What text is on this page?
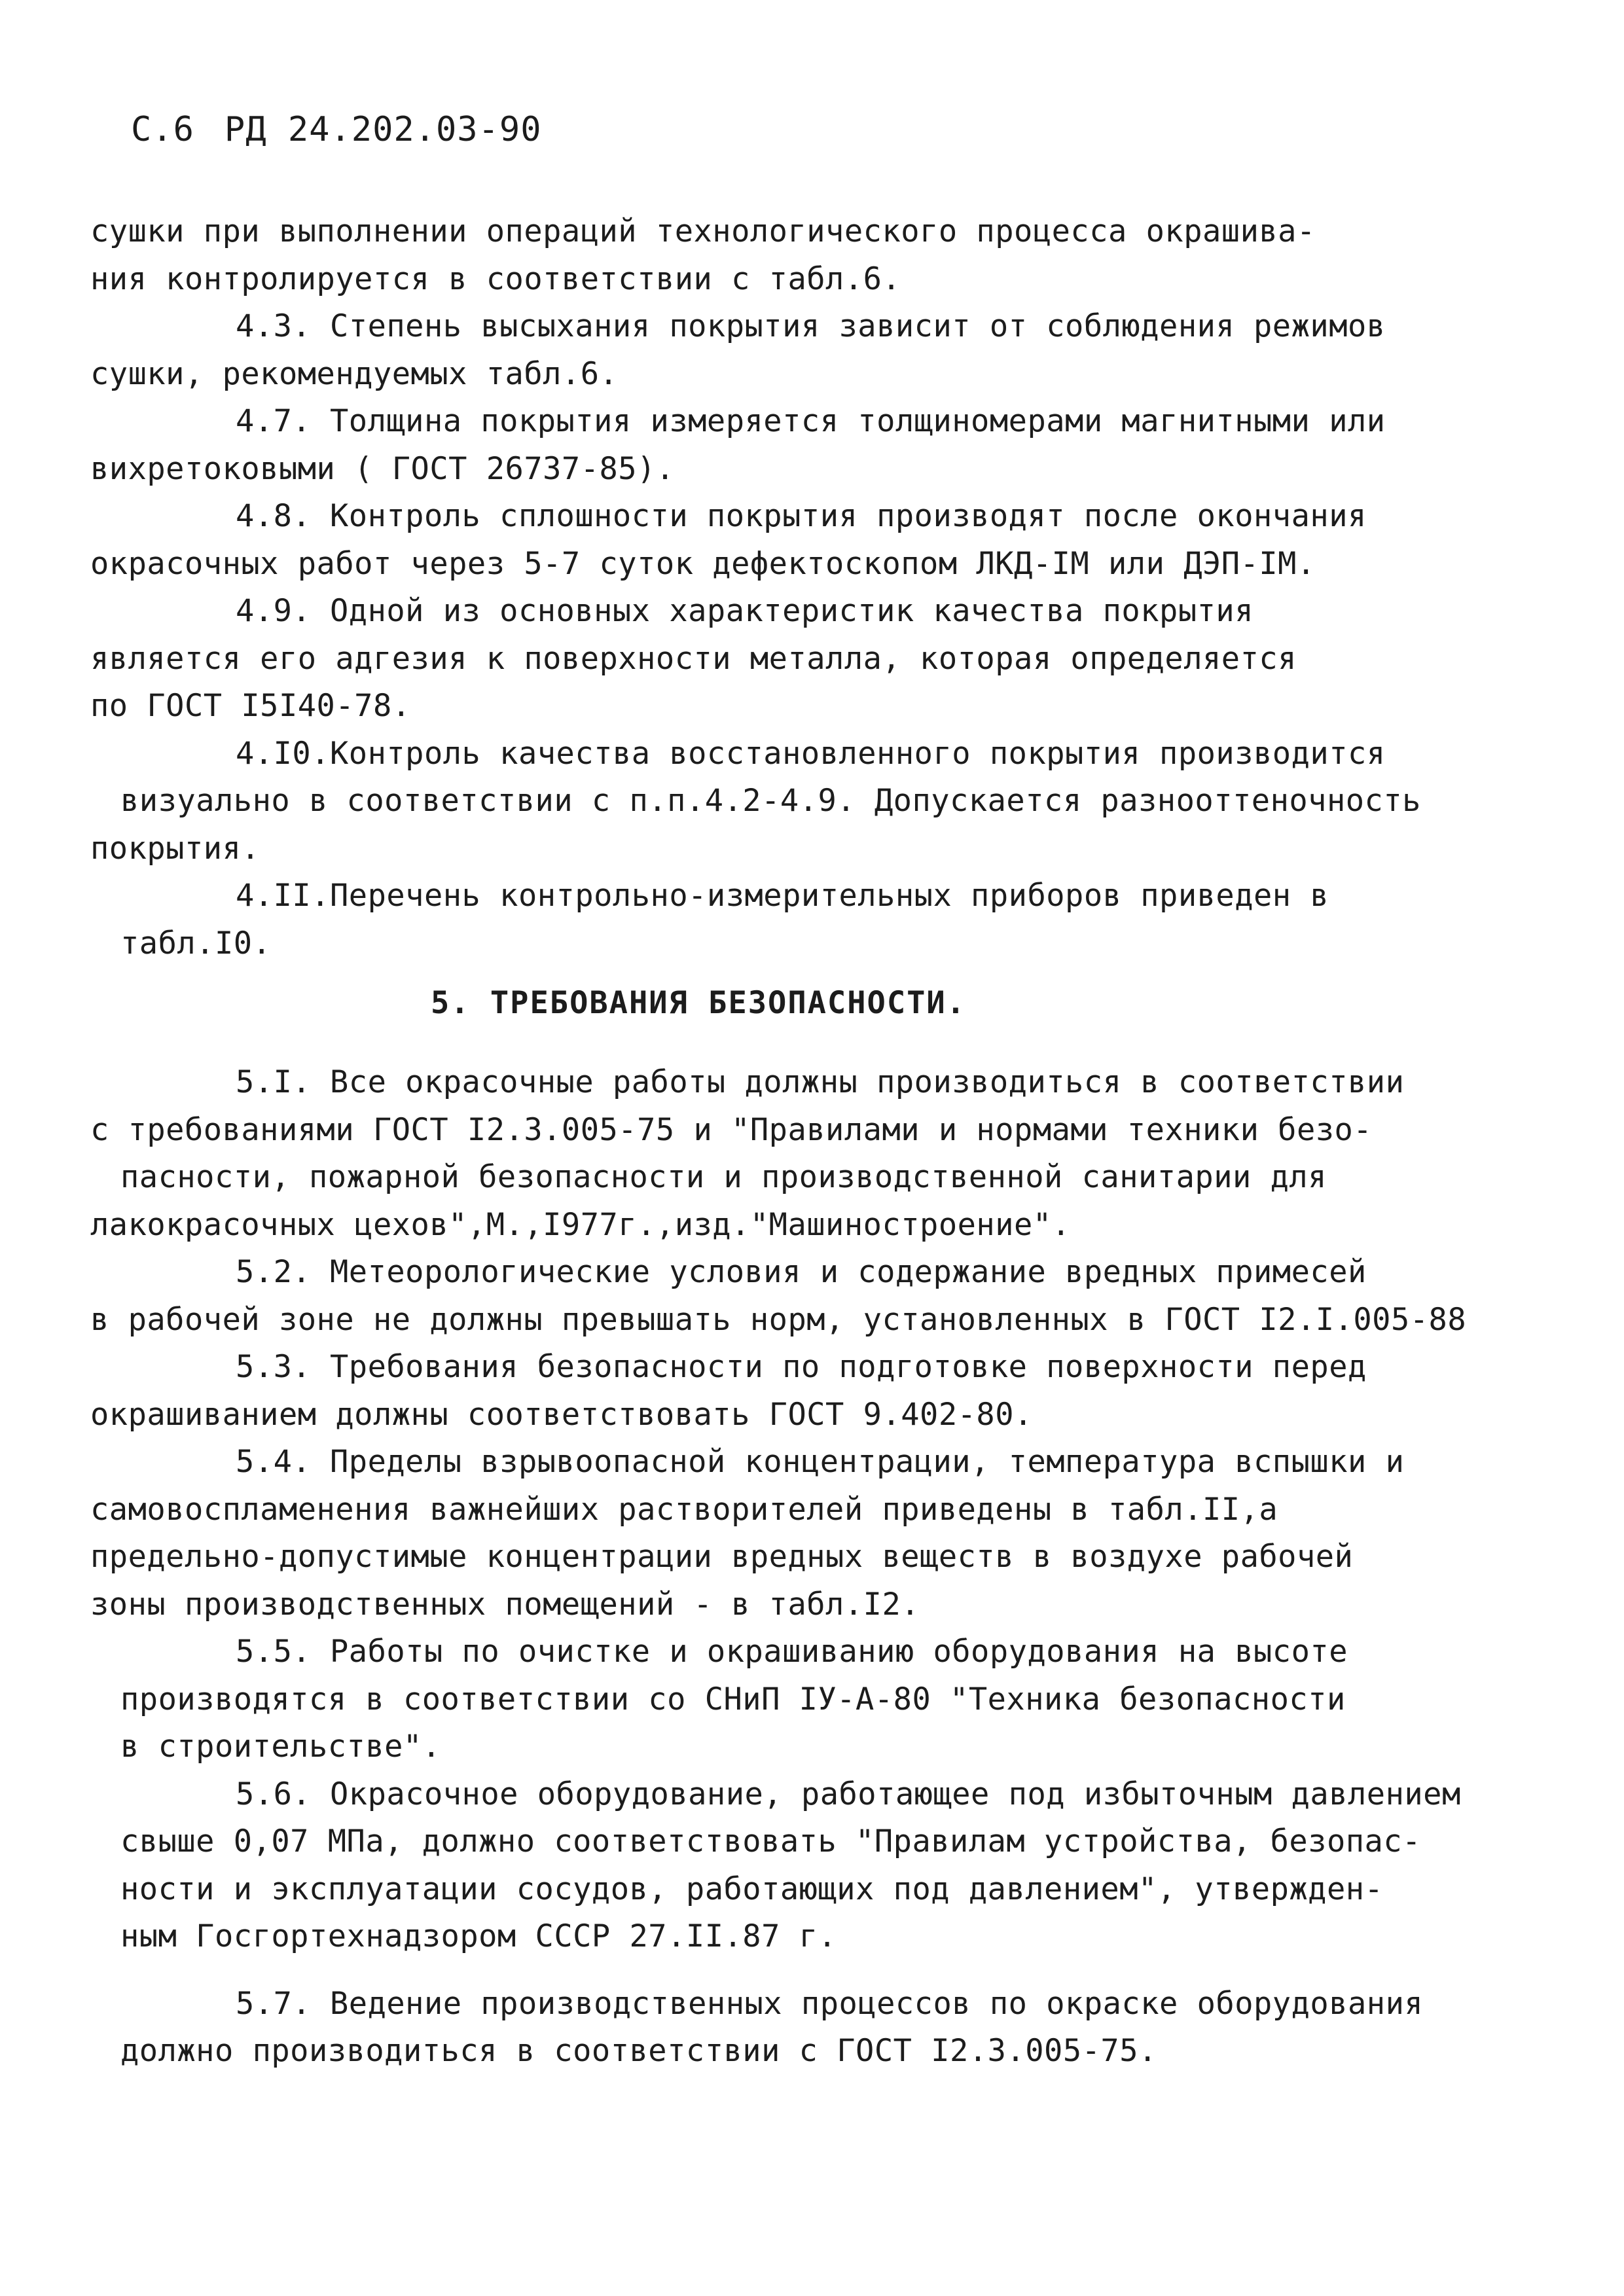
С.6 РД 24.202.03-90
сушки при выполнении операций технологического процесса окрашива-
ния контролируется в соответствии с табл.6.
4.3. Степень высыхания покрытия зависит от соблюдения режимов
сушки, рекомендуемых табл.6.
4.7. Толщина покрытия измеряется толщиномерами магнитными или
вихретоковыми ( ГОСТ 26737-85).
4.8. Контроль сплошности покрытия производят после окончания
окрасочных работ через 5-7 суток дефектоскопом ЛКД-IМ или ДЭП-IМ.
4.9. Одной из основных характеристик качества покрытия
является его адгезия к поверхности металла, которая определяется
по ГОСТ I5I40-78.
4.I0.Контроль качества восстановленного покрытия производится
визуально в соответствии с п.п.4.2-4.9. Допускается разнооттеночность
покрытия.
4.II.Перечень контрольно-измерительных приборов приведен в
табл.I0.
5. ТРЕБОВАНИЯ БЕЗОПАСНОСТИ.
5.I. Все окрасочные работы должны производиться в соответствии
с требованиями ГОСТ I2.3.005-75 и "Правилами и нормами техники безо-
пасности, пожарной безопасности и производственной санитарии для
лакокрасочных цехов",М.,I977г.,изд."Машиностроение".
5.2. Метеорологические условия и содержание вредных примесей
в рабочей зоне не должны превышать норм, установленных в ГОСТ I2.I.005-88
5.3. Требования безопасности по подготовке поверхности перед
окрашиванием должны соответствовать ГОСТ 9.402-80.
5.4. Пределы взрывоопасной концентрации, температура вспышки и
самовоспламенения важнейших растворителей приведены в табл.II,а
предельно-допустимые концентрации вредных веществ в воздухе рабочей
зоны производственных помещений - в табл.I2.
5.5. Работы по очистке и окрашиванию оборудования на высоте
производятся в соответствии со СНиП IУ-А-80 "Техника безопасности
в строительстве".
5.6. Окрасочное оборудование, работающее под избыточным давлением
свыше 0,07 МПа, должно соответствовать "Правилам устройства, безопас-
ности и эксплуатации сосудов, работающих под давлением", утвержден-
ным Госгортехнадзором СССР 27.II.87 г.
5.7. Ведение производственных процессов по окраске оборудования
должно производиться в соответствии с ГОСТ I2.3.005-75.
